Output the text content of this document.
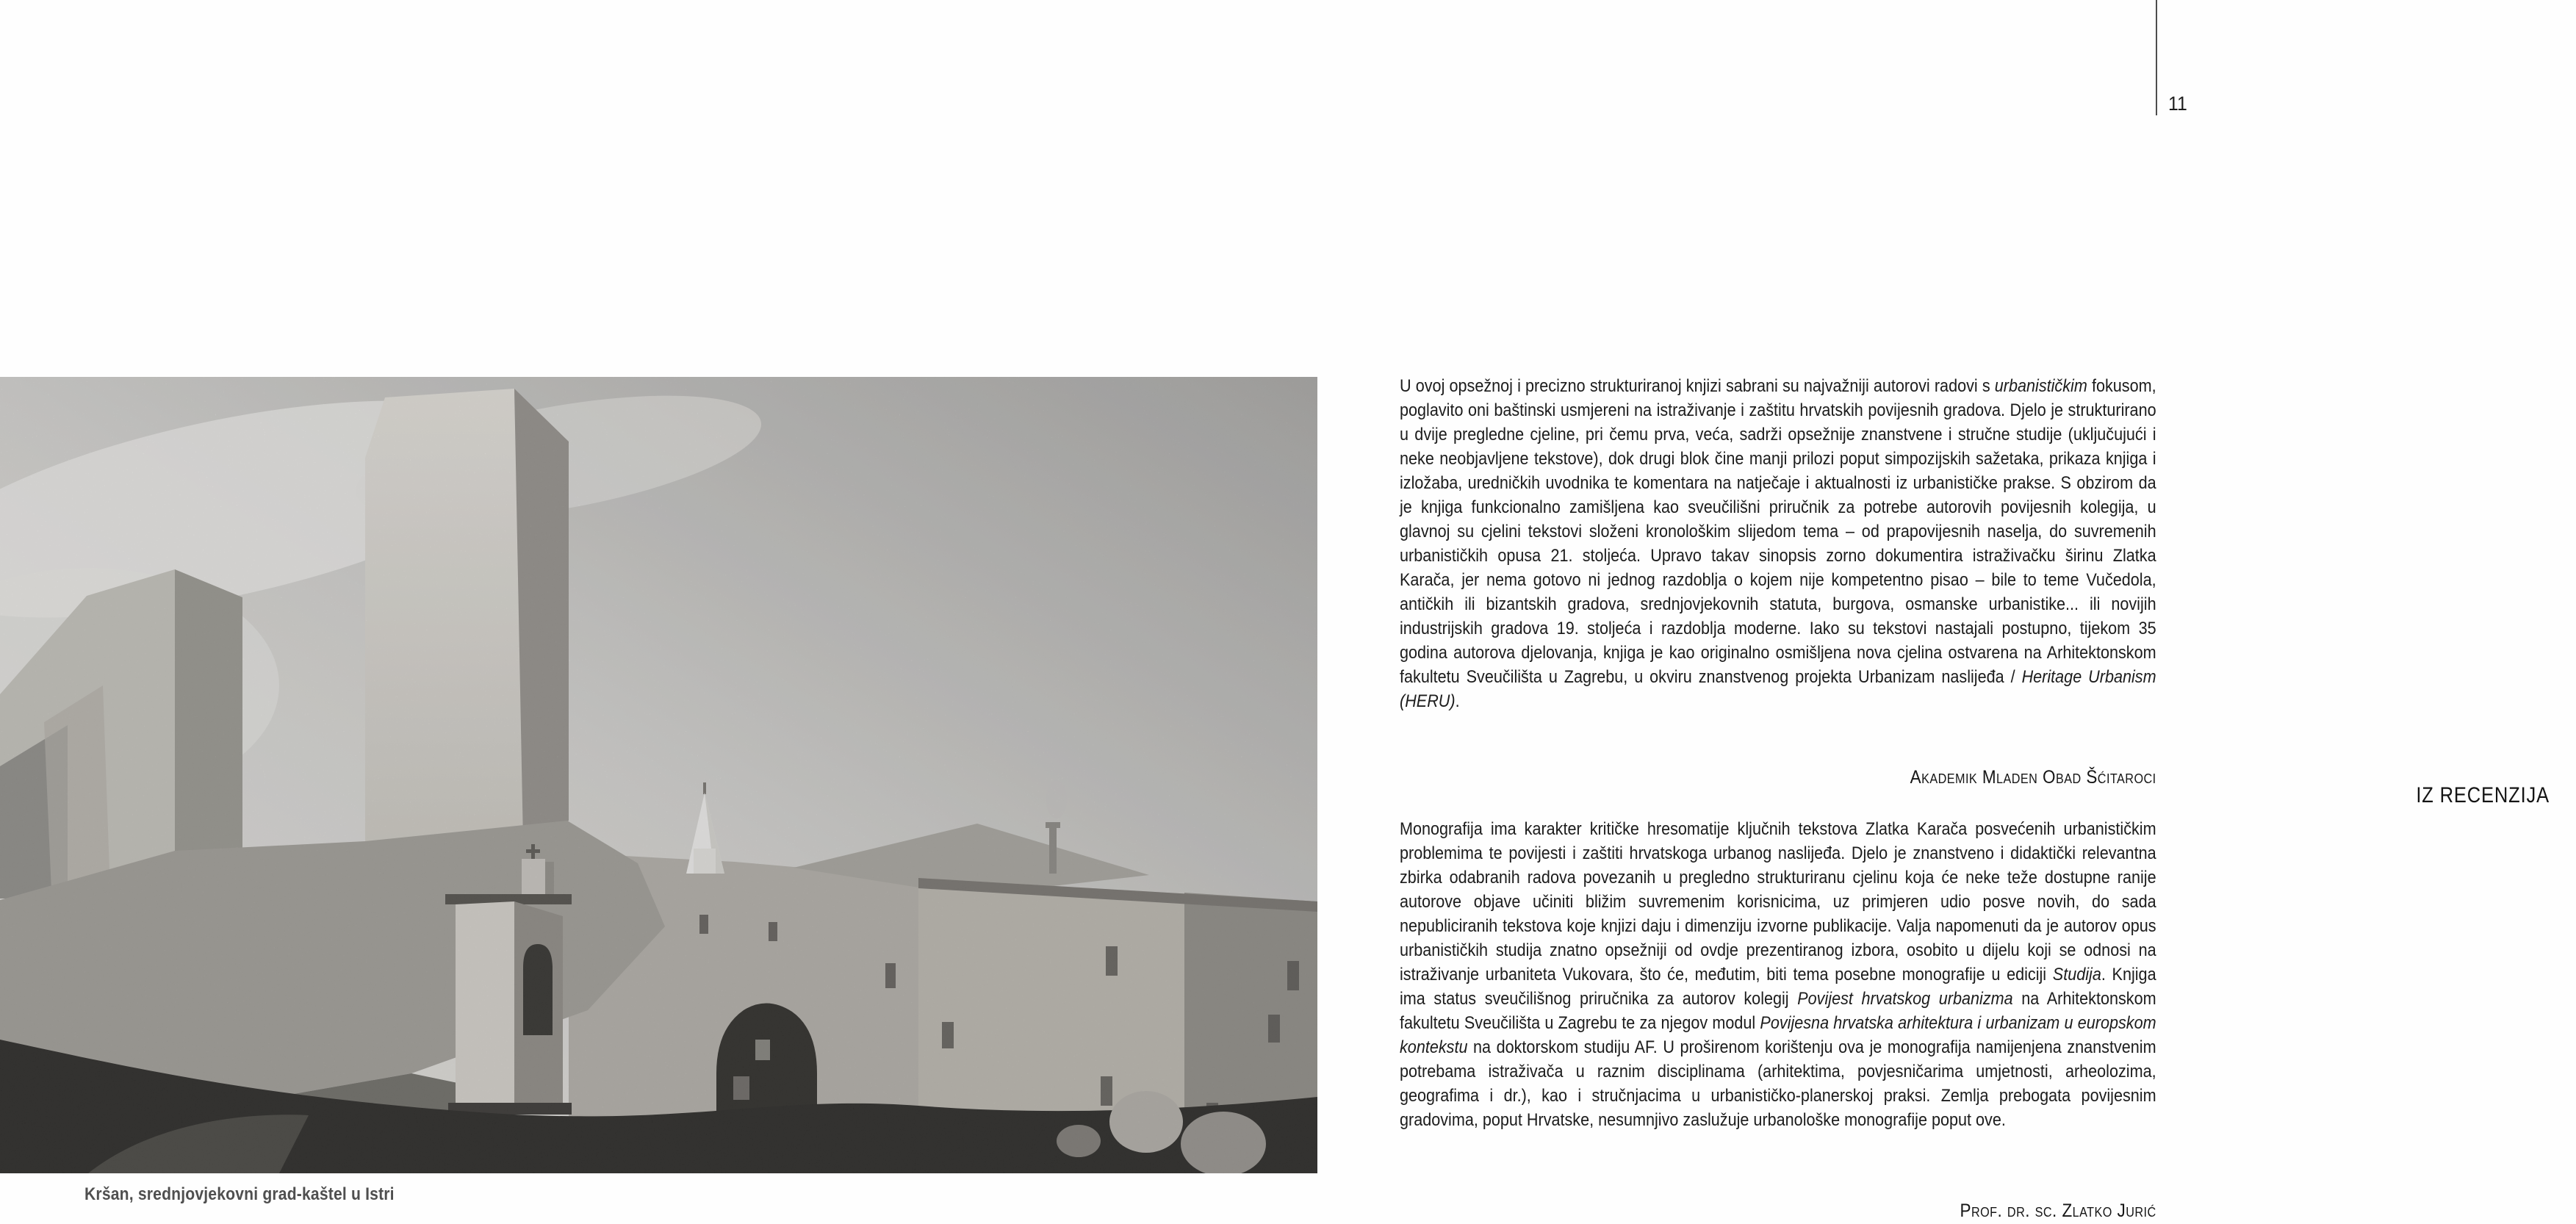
Kršan, srednjovjekovni grad-kaštel u Istri
11
IZ RECENZIJA

U ovoj opsežnoj i precizno strukturiranoj knjizi sabrani su najvažniji autorovi radovi s urbanističkim fokusom, poglavito oni baštinski usmjereni na istraživanje i zaštitu hrvatskih povijesnih gradova. Djelo je strukturirano u dvije pregledne cjeline, pri čemu prva, veća, sadrži opsežnije znanstvene i stručne studije (uključujući i neke neobjavljene tekstove), dok drugi blok čine manji prilozi poput simpozijskih sažetaka, prikaza knjiga i izložaba, uredničkih uvodnika te komentara na natječaje i aktualnosti iz urbanističke prakse. S obzirom da je knjiga funkcionalno zamišljena kao sveučilišni priručnik za potrebe autorovih povijesnih kolegija, u glavnoj su cjelini tekstovi složeni kronološkim slijedom tema – od prapovijesnih naselja, do suvremenih urbanističkih opusa 21. stoljeća. Upravo takav sinopsis zorno dokumentira istraživačku širinu Zlatka Karača, jer nema gotovo ni jednog razdoblja o kojem nije kompetentno pisao – bile to teme Vučedola, antičkih ili bizantskih gradova, srednjovjekovnih statuta, burgova, osmanske urbanistike... ili novijih industrijskih gradova 19. stoljeća i razdoblja moderne. Iako su tekstovi nastajali postupno, tijekom 35 godina autorova djelovanja, knjiga je kao originalno osmišljena nova cjelina ostvarena na Arhitektonskom fakultetu Sveučilišta u Zagrebu, u okviru znanstvenog projekta Urbanizam naslijeđa / Heritage Urbanism (HERU).

Akademik Mladen Obad Šćitaroci

Monografija ima karakter kritičke hresomatije ključnih tekstova Zlatka Karača posvećenih urbanističkim problemima te povijesti i zaštiti hrvatskoga urbanog naslijeđa. Djelo je znanstveno i didaktički relevantna zbirka odabranih radova povezanih u pregledno strukturiranu cjelinu koja će neke teže dostupne ranije autorove objave učiniti bližim suvremenim korisnicima, uz primjeren udio posve novih, do sada nepubliciranih tekstova koje knjizi daju i dimenziju izvorne publikacije. Valja napomenuti da je autorov opus urbanističkih studija znatno opsežniji od ovdje prezentiranog izbora, osobito u dijelu koji se odnosi na istraživanje urbaniteta Vukovara, što će, međutim, biti tema posebne monografije u ediciji Studija. Knjiga ima status sveučilišnog priručnika za autorov kolegij Povijest hrvatskog urbanizma na Arhitektonskom fakultetu Sveučilišta u Zagrebu te za njegov modul Povijesna hrvatska arhitektura i urbanizam u europskom kontekstu na doktorskom studiju AF. U proširenom korištenju ova je monografija namijenjena znanstvenim potrebama istraživača u raznim disciplinama (arhitektima, povjesničarima umjetnosti, arheolozima, geografima i dr.), kao i stručnjacima u urbanističko-planerskoj praksi. Zemlja prebogata povijesnim gradovima, poput Hrvatske, nesumnjivo zaslužuje urbanološke monografije poput ove.

Prof. dr. sc. Zlatko Jurić
